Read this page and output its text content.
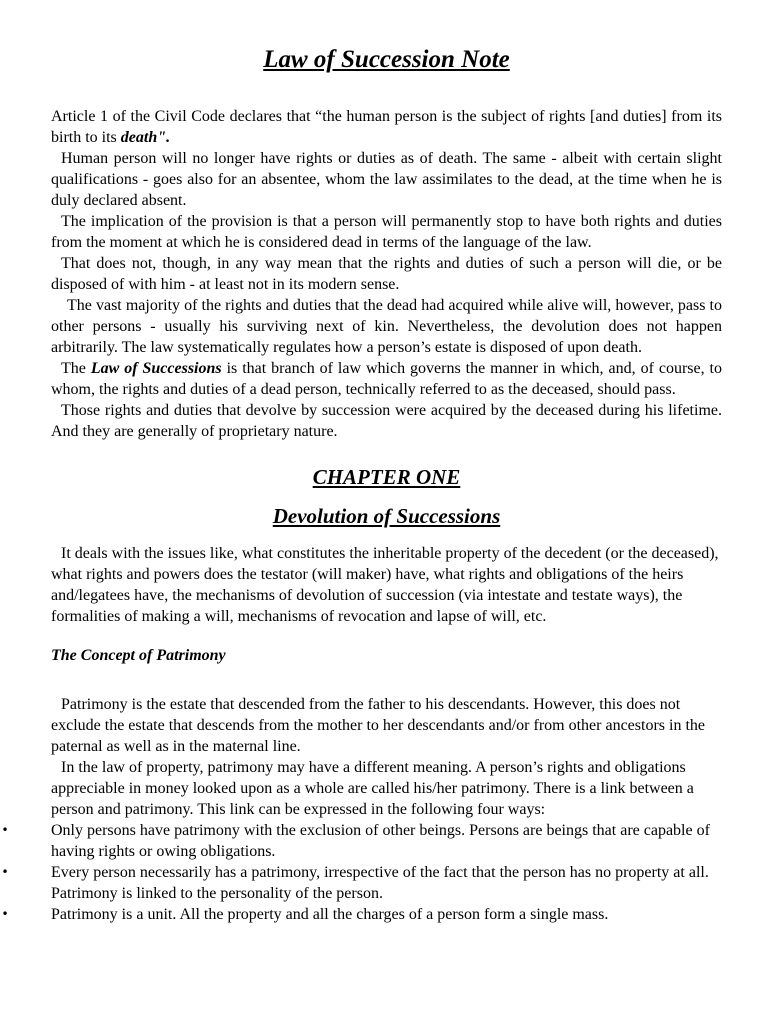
Law of Succession Note

Article 1 of the Civil Code declares that “the human person is the subject of rights [and duties] from its birth to its death".

Human person will no longer have rights or duties as of death. The same - albeit with certain slight qualifications - goes also for an absentee, whom the law assimilates to the dead, at the time when he is duly declared absent.

The implication of the provision is that a person will permanently stop to have both rights and duties from the moment at which he is considered dead in terms of the language of the law.

That does not, though, in any way mean that the rights and duties of such a person will die, or be disposed of with him - at least not in its modern sense.

The vast majority of the rights and duties that the dead had acquired while alive will, however, pass to other persons - usually his surviving next of kin. Nevertheless, the devolution does not happen arbitrarily. The law systematically regulates how a person’s estate is disposed of upon death.

The Law of Successions is that branch of law which governs the manner in which, and, of course, to whom, the rights and duties of a dead person, technically referred to as the deceased, should pass.

Those rights and duties that devolve by succession were acquired by the deceased during his lifetime. And they are generally of proprietary nature.

CHAPTER ONE
Devolution of Successions

It deals with the issues like, what constitutes the inheritable property of the decedent (or the deceased), what rights and powers does the testator (will maker) have, what rights and obligations of the heirs and/legatees have, the mechanisms of devolution of succession (via intestate and testate ways), the formalities of making a will, mechanisms of revocation and lapse of will, etc.

The Concept of Patrimony

Patrimony is the estate that descended from the father to his descendants. However, this does not exclude the estate that descends from the mother to her descendants and/or from other ancestors in the paternal as well as in the maternal line.

In the law of property, patrimony may have a different meaning. A person’s rights and obligations appreciable in money looked upon as a whole are called his/her patrimony. There is a link between a person and patrimony. This link can be expressed in the following four ways:

•	Only persons have patrimony with the exclusion of other beings. Persons are beings that are capable of having rights or owing obligations.
•	Every person necessarily has a patrimony, irrespective of the fact that the person has no property at all. Patrimony is linked to the personality of the person.
•	Patrimony is a unit. All the property and all the charges of a person form a single mass.
